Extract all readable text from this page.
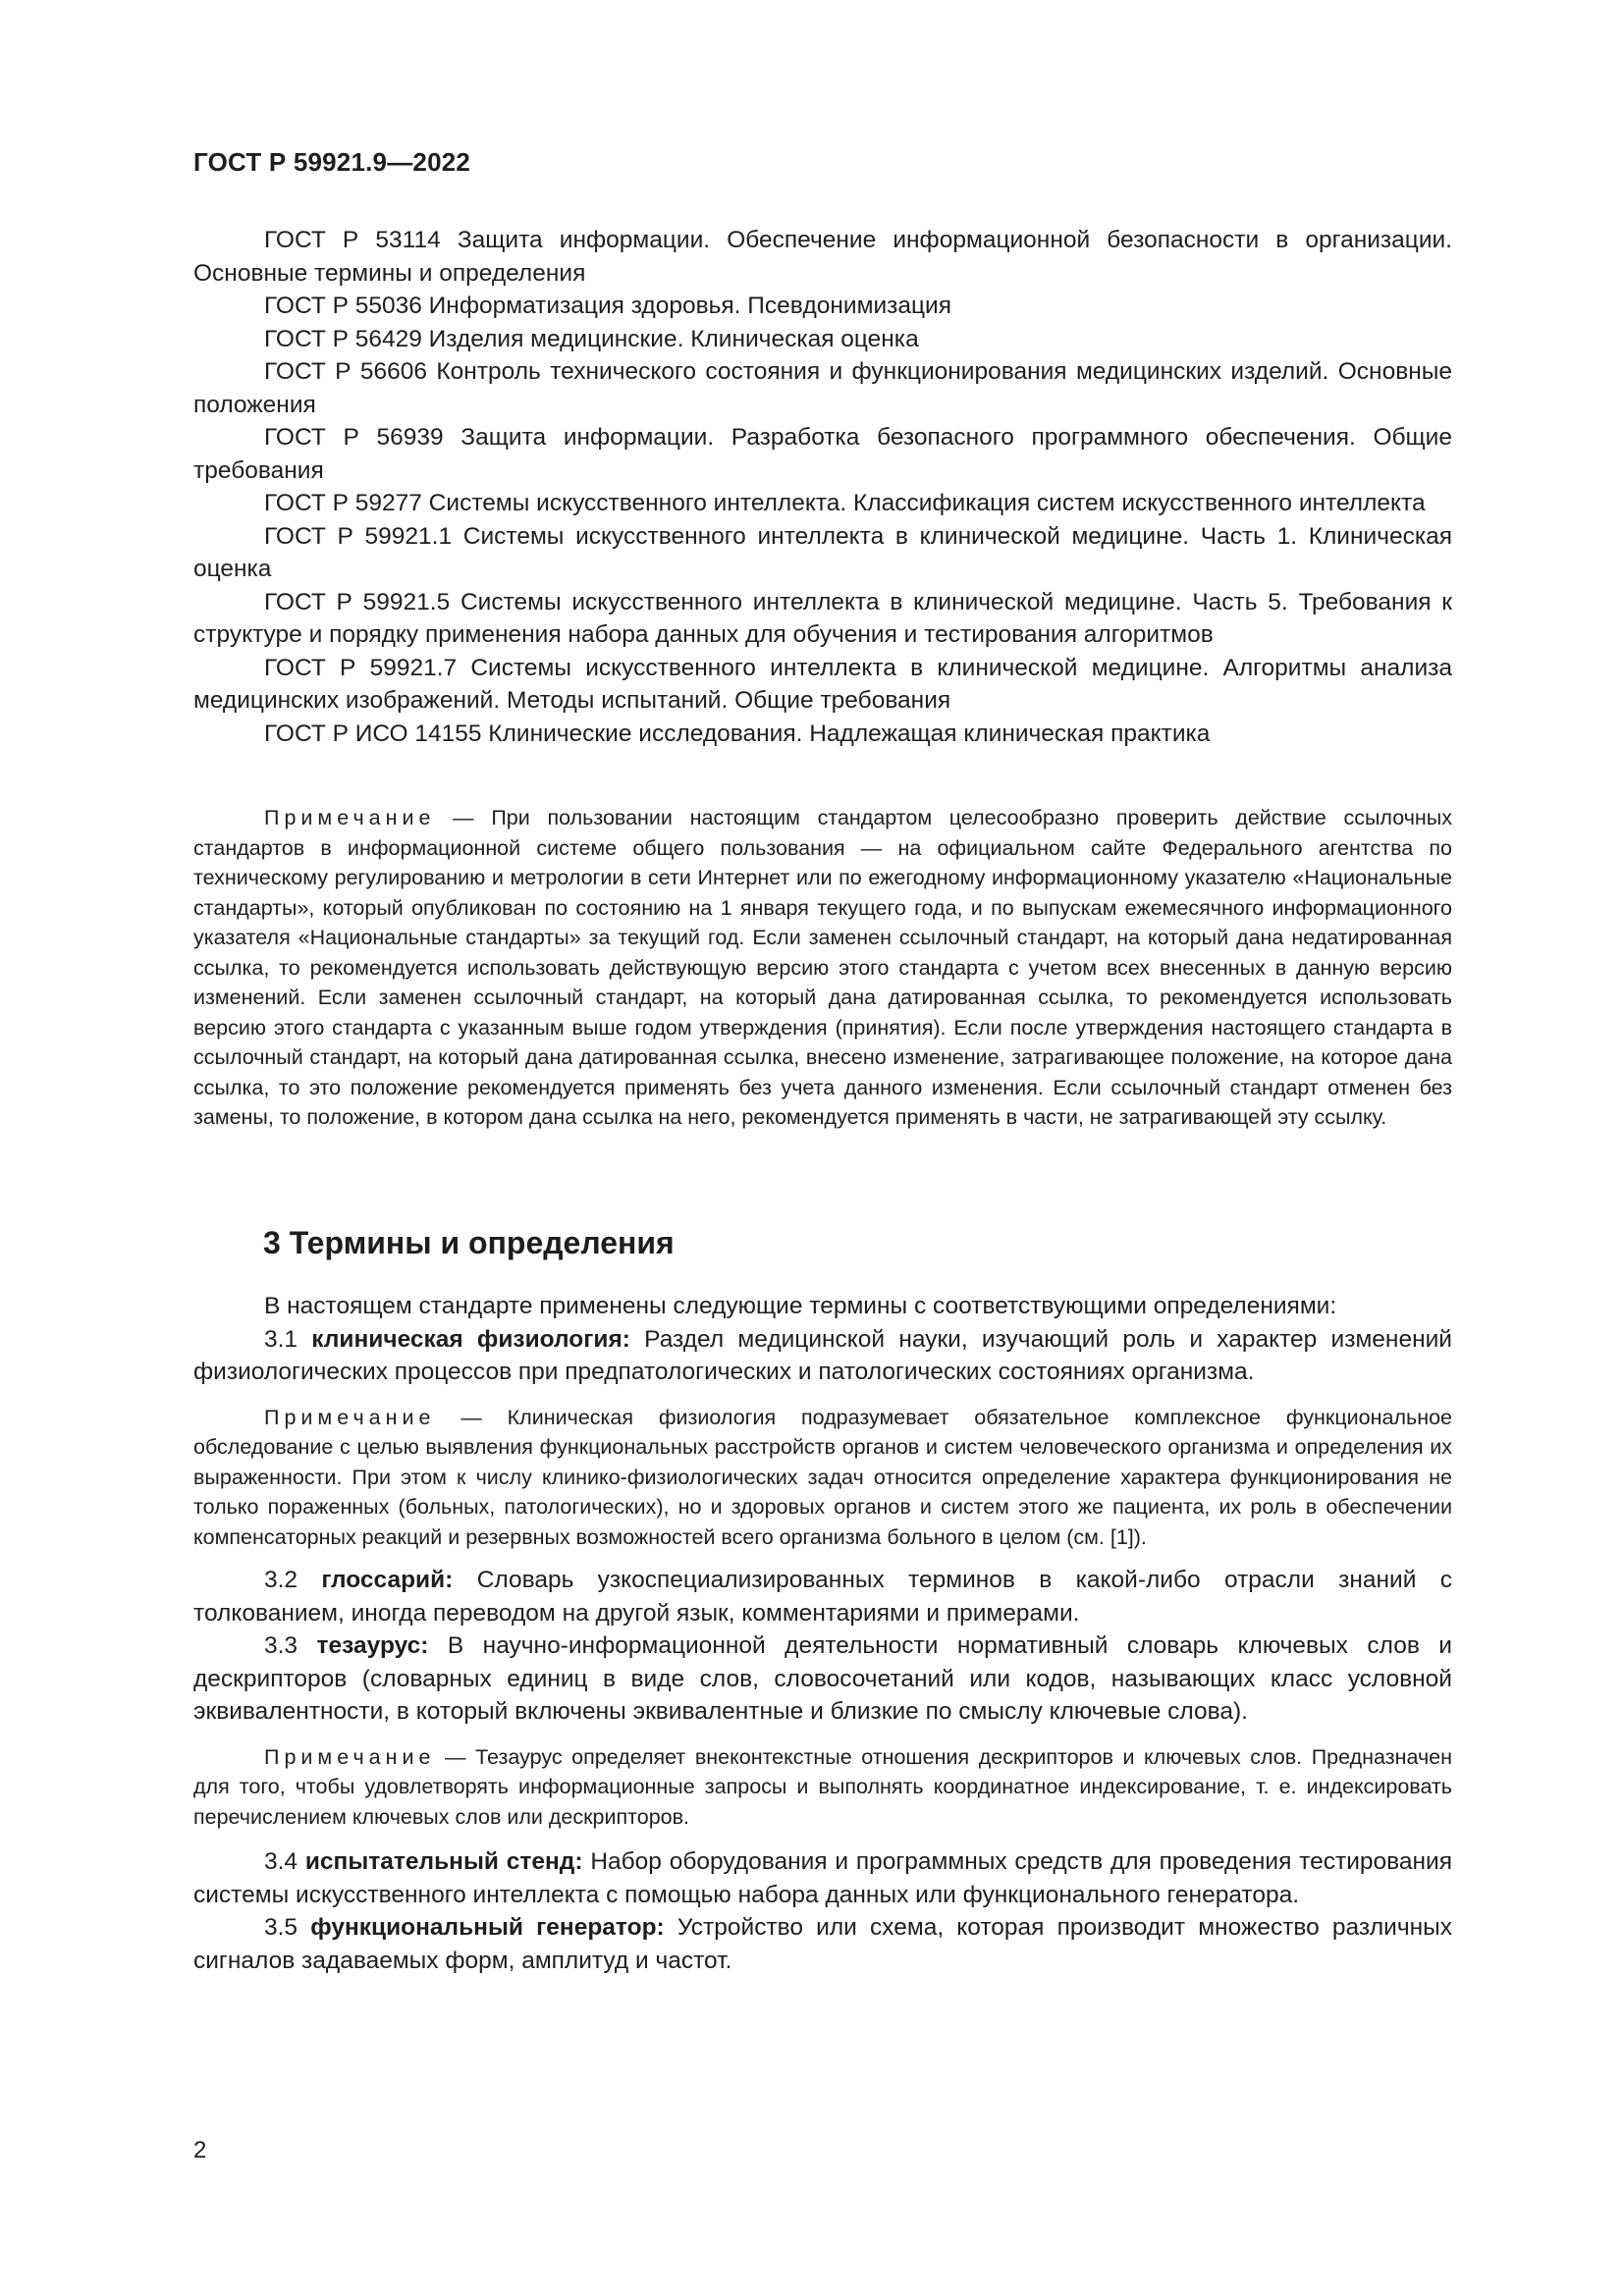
ГОСТ Р 59921.9—2022

ГОСТ Р 53114 Защита информации. Обеспечение информационной безопасности в организации. Основные термины и определения

ГОСТ Р 55036 Информатизация здоровья. Псевдонимизация

ГОСТ Р 56429 Изделия медицинские. Клиническая оценка

ГОСТ Р 56606 Контроль технического состояния и функционирования медицинских изделий. Основные положения

ГОСТ Р 56939 Защита информации. Разработка безопасного программного обеспечения. Общие требования

ГОСТ Р 59277 Системы искусственного интеллекта. Классификация систем искусственного интеллекта

ГОСТ Р 59921.1 Системы искусственного интеллекта в клинической медицине. Часть 1. Клиническая оценка

ГОСТ Р 59921.5 Системы искусственного интеллекта в клинической медицине. Часть 5. Требования к структуре и порядку применения набора данных для обучения и тестирования алгоритмов

ГОСТ Р 59921.7 Системы искусственного интеллекта в клинической медицине. Алгоритмы анализа медицинских изображений. Методы испытаний. Общие требования

ГОСТ Р ИСО 14155 Клинические исследования. Надлежащая клиническая практика

Примечание — При пользовании настоящим стандартом целесообразно проверить действие ссылочных стандартов в информационной системе общего пользования — на официальном сайте Федерального агентства по техническому регулированию и метрологии в сети Интернет или по ежегодному информационному указателю «Национальные стандарты», который опубликован по состоянию на 1 января текущего года, и по выпускам ежемесячного информационного указателя «Национальные стандарты» за текущий год. Если заменен ссылочный стандарт, на который дана недатированная ссылка, то рекомендуется использовать действующую версию этого стандарта с учетом всех внесенных в данную версию изменений. Если заменен ссылочный стандарт, на который дана датированная ссылка, то рекомендуется использовать версию этого стандарта с указанным выше годом утверждения (принятия). Если после утверждения настоящего стандарта в ссылочный стандарт, на который дана датированная ссылка, внесено изменение, затрагивающее положение, на которое дана ссылка, то это положение рекомендуется применять без учета данного изменения. Если ссылочный стандарт отменен без замены, то положение, в котором дана ссылка на него, рекомендуется применять в части, не затрагивающей эту ссылку.

3 Термины и определения

В настоящем стандарте применены следующие термины с соответствующими определениями:

3.1 клиническая физиология: Раздел медицинской науки, изучающий роль и характер изменений физиологических процессов при предпатологических и патологических состояниях организма.

Примечание — Клиническая физиология подразумевает обязательное комплексное функциональное обследование с целью выявления функциональных расстройств органов и систем человеческого организма и определения их выраженности. При этом к числу клинико-физиологических задач относится определение характера функционирования не только пораженных (больных, патологических), но и здоровых органов и систем этого же пациента, их роль в обеспечении компенсаторных реакций и резервных возможностей всего организма больного в целом (см. [1]).

3.2 глоссарий: Словарь узкоспециализированных терминов в какой-либо отрасли знаний с толкованием, иногда переводом на другой язык, комментариями и примерами.

3.3 тезаурус: В научно-информационной деятельности нормативный словарь ключевых слов и дескрипторов (словарных единиц в виде слов, словосочетаний или кодов, называющих класс условной эквивалентности, в который включены эквивалентные и близкие по смыслу ключевые слова).

Примечание — Тезаурус определяет внеконтекстные отношения дескрипторов и ключевых слов. Предназначен для того, чтобы удовлетворять информационные запросы и выполнять координатное индексирование, т. е. индексировать перечислением ключевых слов или дескрипторов.

3.4 испытательный стенд: Набор оборудования и программных средств для проведения тестирования системы искусственного интеллекта с помощью набора данных или функционального генератора.

3.5 функциональный генератор: Устройство или схема, которая производит множество различных сигналов задаваемых форм, амплитуд и частот.

2
